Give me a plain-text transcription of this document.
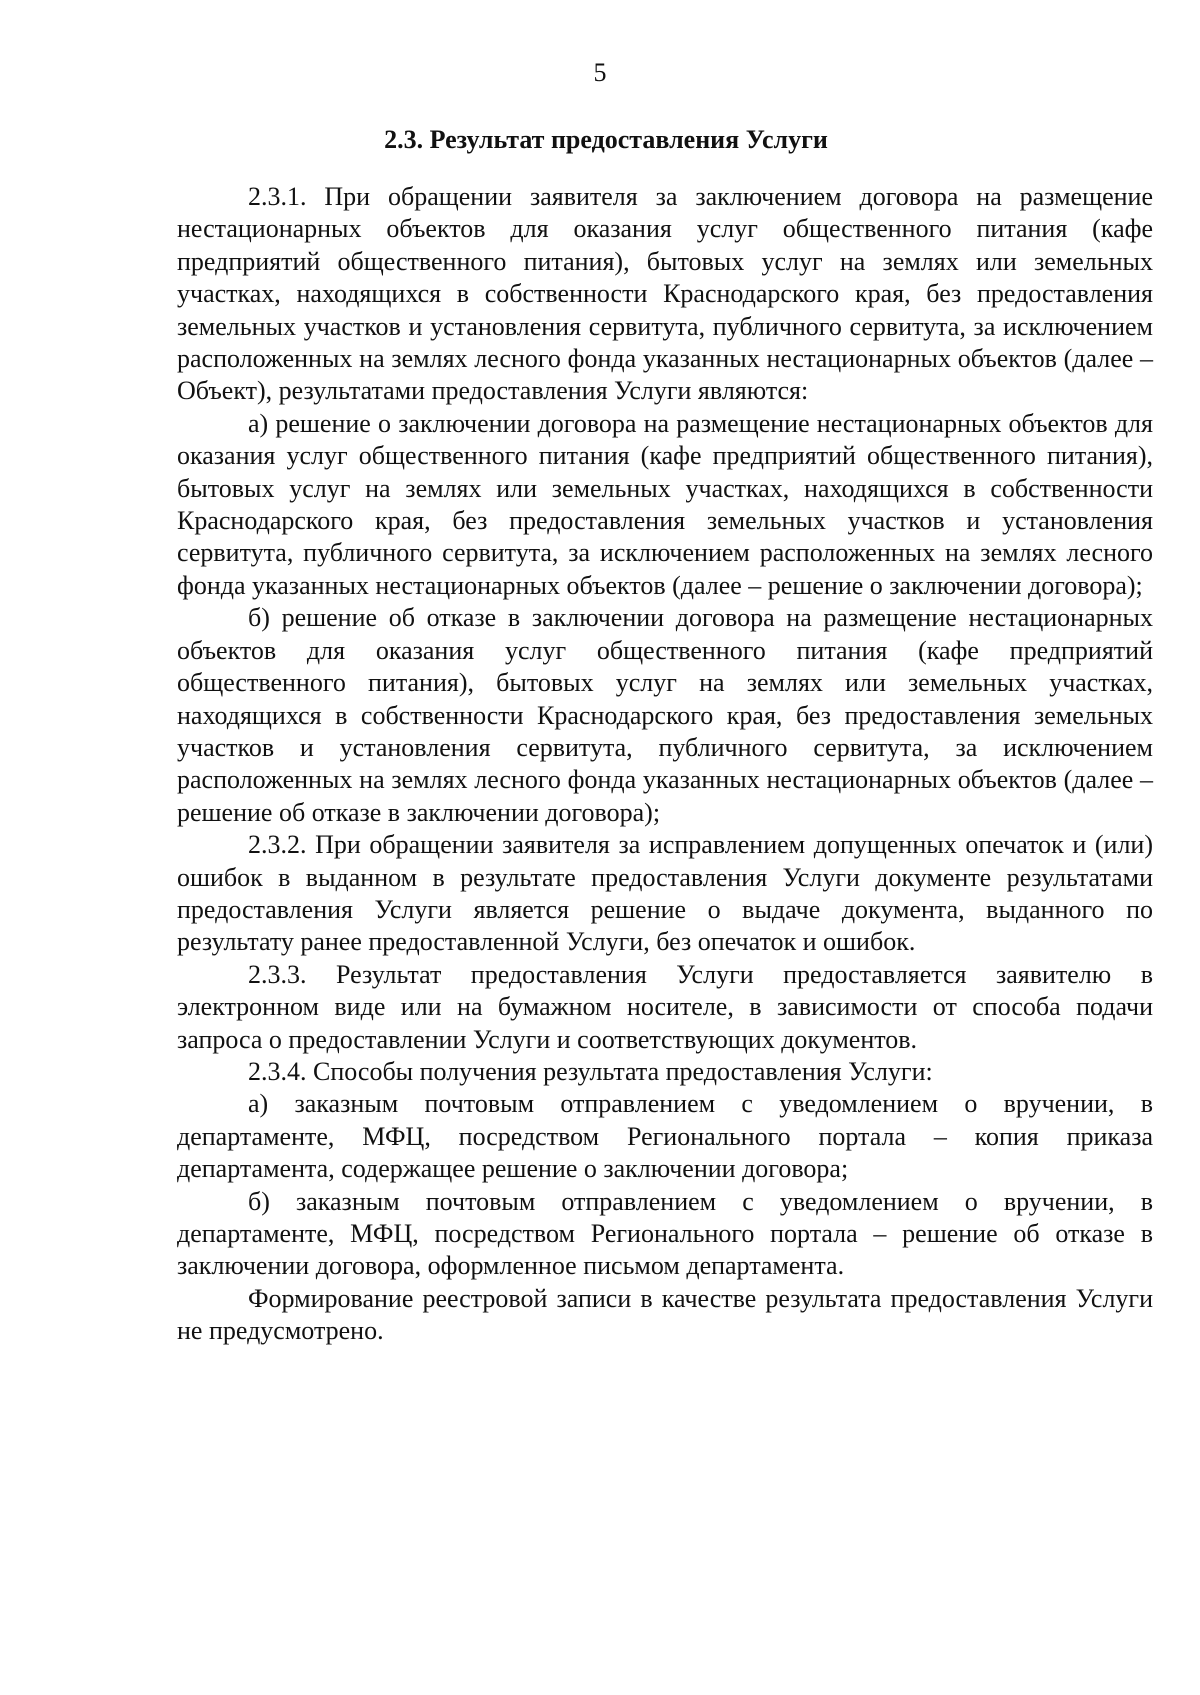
5
2.3. Результат предоставления Услуги

2.3.1. При обращении заявителя за заключением договора на размещение нестационарных объектов для оказания услуг общественного питания (кафе предприятий общественного питания), бытовых услуг на землях или земельных участках, находящихся в собственности Краснодарского края, без предоставления земельных участков и установления сервитута, публичного сервитута, за исключением расположенных на землях лесного фонда указанных нестационарных объектов (далее – Объект), результатами предоставления Услуги являются:

а) решение о заключении договора на размещение нестационарных объектов для оказания услуг общественного питания (кафе предприятий общественного питания), бытовых услуг на землях или земельных участках, находящихся в собственности Краснодарского края, без предоставления земельных участков и установления сервитута, публичного сервитута, за исключением расположенных на землях лесного фонда указанных нестационарных объектов (далее – решение о заключении договора);

б) решение об отказе в заключении договора на размещение нестационарных объектов для оказания услуг общественного питания (кафе предприятий общественного питания), бытовых услуг на землях или земельных участках, находящихся в собственности Краснодарского края, без предоставления земельных участков и установления сервитута, публичного сервитута, за исключением расположенных на землях лесного фонда указанных нестационарных объектов (далее – решение об отказе в заключении договора);

2.3.2. При обращении заявителя за исправлением допущенных опечаток и (или) ошибок в выданном в результате предоставления Услуги документе результатами предоставления Услуги является решение о выдаче документа, выданного по результату ранее предоставленной Услуги, без опечаток и ошибок.

2.3.3. Результат предоставления Услуги предоставляется заявителю в электронном виде или на бумажном носителе, в зависимости от способа подачи запроса о предоставлении Услуги и соответствующих документов.

2.3.4. Способы получения результата предоставления Услуги:

а) заказным почтовым отправлением с уведомлением о вручении, в департаменте, МФЦ, посредством Регионального портала – копия приказа департамента, содержащее решение о заключении договора;

б) заказным почтовым отправлением с уведомлением о вручении, в департаменте, МФЦ, посредством Регионального портала – решение об отказе в заключении договора, оформленное письмом департамента.

Формирование реестровой записи в качестве результата предоставления Услуги не предусмотрено.
